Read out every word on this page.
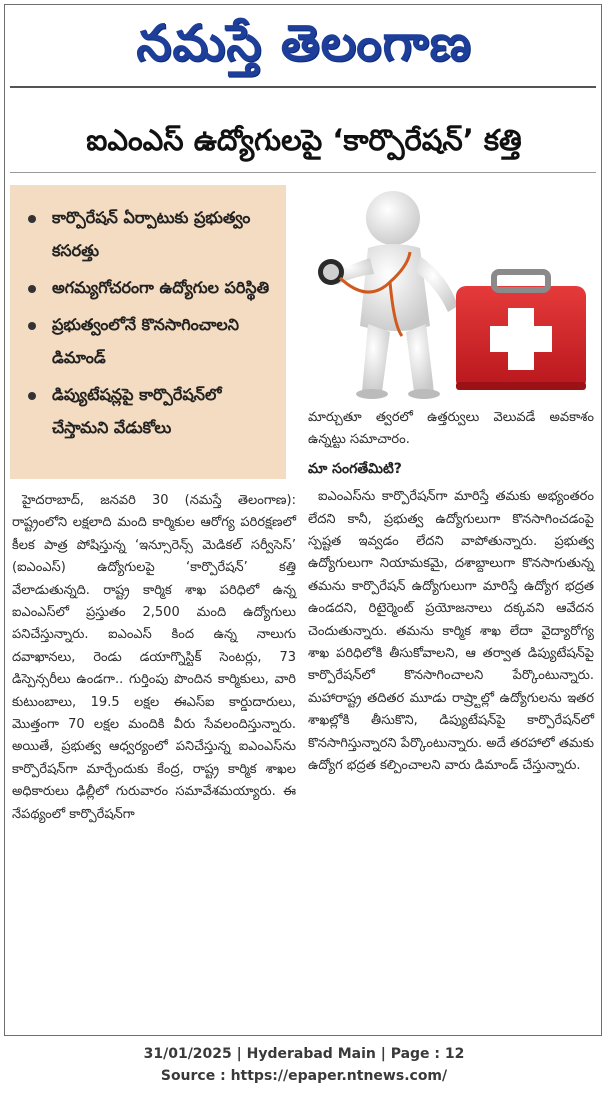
నమస్తే తెలంగాణ
ఐఎంఎస్‌ ఉద్యోగులపై ‘కార్పొరేషన్‌’ కత్తి
కార్పొరేషన్‌ ఏర్పాటుకు ప్రభుత్వం కసరత్తు
అగమ్యగోచరంగా ఉద్యోగుల పరిస్థితి
ప్రభుత్వంలోనే కొనసాగించాలని డిమాండ్‌
డిప్యుటేషన్లపై కార్పొరేషన్‌లో చేస్తామని వేడుకోలు

హైదరాబాద్‌, జనవరి 30 (నమస్తే తెలంగాణ): రాష్ట్రంలోని లక్షలాది మంది కార్మికుల ఆరోగ్య పరిరక్షణలో కీలక పాత్ర పోషిస్తున్న ‘ఇన్సూరెన్స్‌ మెడికల్‌ సర్వీసెస్‌’ (ఐఎంఎస్‌) ఉద్యోగులపై ‘కార్పొరేషన్‌’ కత్తి వేలాడుతున్నది. రాష్ట్ర కార్మిక శాఖ పరిధిలో ఉన్న ఐఎంఎస్‌లో ప్రస్తుతం 2,500 మంది ఉద్యోగులు పనిచేస్తున్నారు. ఐఎంఎస్‌ కింద ఉన్న నాలుగు దవాఖానలు, రెండు డయాగ్నొస్టిక్‌ సెంటర్లు, 73 డిస్పెన్సరీలు ఉండగా.. గుర్తింపు పొందిన కార్మికులు, వారి కుటుంబాలు, 19.5 లక్షల ఈఎస్‌ఐ కార్డుదారులు, మొత్తంగా 70 లక్షల మందికి వీరు సేవలందిస్తున్నారు. అయితే, ప్రభుత్వ ఆధ్వర్యంలో పనిచేస్తున్న ఐఎంఎస్‌ను కార్పొరేషన్‌గా మార్చేందుకు కేంద్ర, రాష్ట్ర కార్మిక శాఖల అధికారులు ఢిల్లీలో గురువారం సమావేశమయ్యారు. ఈ నేపథ్యంలో కార్పొరేషన్‌గా

మార్చుతూ త్వరలో ఉత్తర్వులు వెలువడే అవకాశం ఉన్నట్టు సమాచారం.

మా సంగతేమిటి?

ఐఎంఎస్‌ను కార్పొరేషన్‌గా మారిస్తే తమకు అభ్యంతరం లేదని కానీ, ప్రభుత్వ ఉద్యోగులుగా కొనసాగించడంపై స్పష్టత ఇవ్వడం లేదని వాపోతున్నారు. ప్రభుత్వ ఉద్యోగులుగా నియామకమై, దశాబ్దాలుగా కొనసాగుతున్న తమను కార్పొరేషన్‌ ఉద్యోగులుగా మారిస్తే ఉద్యోగ భద్రత ఉండదని, రిటైర్మెంట్‌ ప్రయోజనాలు దక్కవని ఆవేదన చెందుతున్నారు. తమను కార్మిక శాఖ లేదా వైద్యారోగ్య శాఖ పరిధిలోకి తీసుకోవాలని, ఆ తర్వాత డిప్యుటేషన్‌పై కార్పొరేషన్‌లో కొనసాగించాలని పేర్కొంటున్నారు. మహారాష్ట్ర తదితర మూడు రాష్ర్టాల్లో ఉద్యోగులను ఇతర శాఖల్లోకి తీసుకొని, డిప్యుటేషన్‌పై కార్పొరేషన్‌లో కొనసాగిస్తున్నారని పేర్కొంటున్నారు. అదే తరహాలో తమకు ఉద్యోగ భద్రత కల్పించాలని వారు డిమాండ్‌ చేస్తున్నారు.

31/01/2025 | Hyderabad Main | Page : 12
Source : https://epaper.ntnews.com/
